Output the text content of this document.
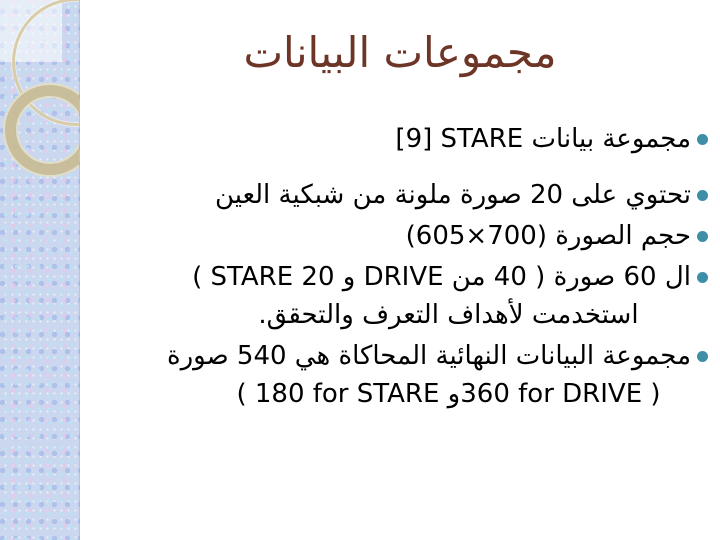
مجموعات البيانات
مجموعة بيانات STARE ‏[9]
تحتوي على 20 صورة ملونة من شبكية العين
حجم الصورة (700×605)
ال 60 صورة ( 40 من DRIVE و STARE 20 )
استخدمت لأهداف التعرف والتحقق.
مجموعة البيانات النهائية المحاكاة هي 540 صورة
( ⁦360 for DRIVE⁩و ⁦180 for STARE⁩ )
